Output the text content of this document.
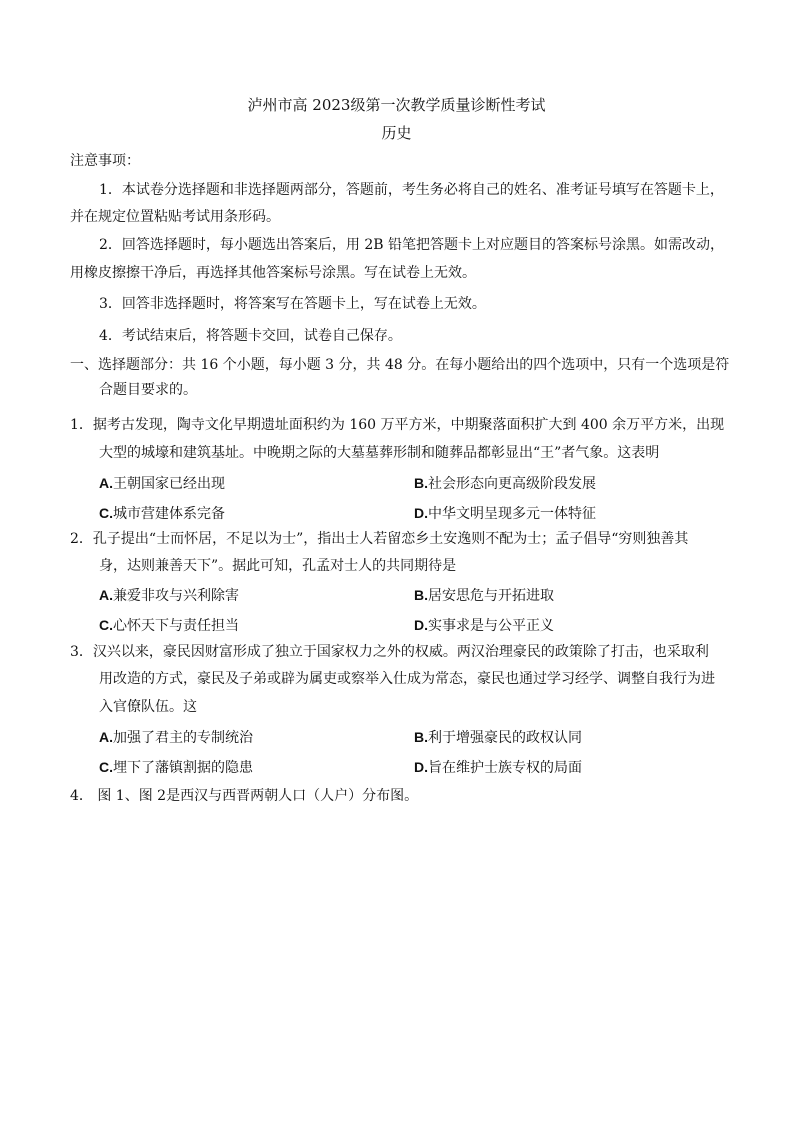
泸州市高 2023级第一次教学质量诊断性考试
历史
注意事项：
1．本试卷分选择题和非选择题两部分，答题前，考生务必将自己的姓名、准考证号填写在答题卡上，
并在规定位置粘贴考试用条形码。
2．回答选择题时，每小题选出答案后，用 2B 铅笔把答题卡上对应题目的答案标号涂黑。如需改动，
用橡皮擦擦干净后，再选择其他答案标号涂黑。写在试卷上无效。
3．回答非选择题时，将答案写在答题卡上，写在试卷上无效。
4．考试结束后，将答题卡交回，试卷自己保存。
一、选择题部分：共 16 个小题，每小题 3 分，共 48 分。在每小题给出的四个选项中，只有一个选项是符
合题目要求的。
1．据考古发现，陶寺文化早期遗址面积约为 160 万平方米，中期聚落面积扩大到 400 余万平方米，出现
大型的城壕和建筑基址。中晚期之际的大墓墓葬形制和随葬品都彰显出“王”者气象。这表明
A.王朝国家已经出现	B.社会形态向更高级阶段发展
C.城市营建体系完备	D.中华文明呈现多元一体特征
2．孔子提出“士而怀居，不足以为士”，指出士人若留恋乡土安逸则不配为士；孟子倡导“穷则独善其
身，达则兼善天下”。据此可知，孔孟对士人的共同期待是
A.兼爱非攻与兴利除害	B.居安思危与开拓进取
C.心怀天下与责任担当	D.实事求是与公平正义
3．汉兴以来，豪民因财富形成了独立于国家权力之外的权威。两汉治理豪民的政策除了打击，也采取利
用改造的方式，豪民及子弟或辟为属吏或察举入仕成为常态，豪民也通过学习经学、调整自我行为进
入官僚队伍。这
A.加强了君主的专制统治	B.利于增强豪民的政权认同
C.埋下了藩镇割据的隐患	D.旨在维护士族专权的局面
4． 图 1、图 2是西汉与西晋两朝人口（人户）分布图。
